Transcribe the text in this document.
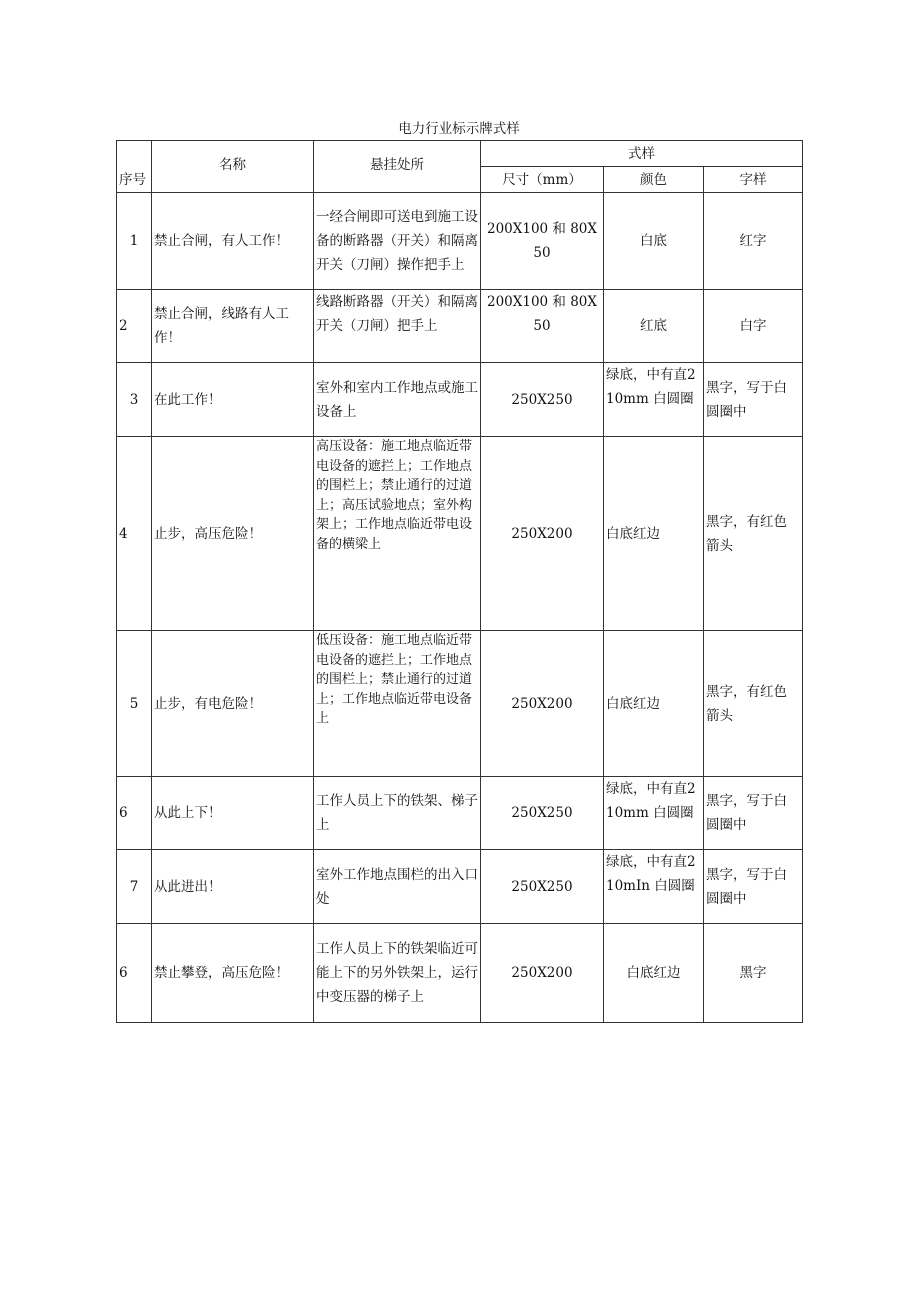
电力行业标示牌式样
序号	名称	悬挂处所	式样		
			尺寸（mm）	颜色	字样
1	禁止合闸，有人工作！	一经合闸即可送电到施工设备的断路器（开关）和隔离开关（刀闸）操作把手上	200X100 和 80X50	白底	红字
2	禁止合闸，线路有人工作！	线路断路器（开关）和隔离开关（刀闸）把手上	200X100 和 80X50	红底	白字
3	在此工作！	室外和室内工作地点或施工设备上	250X250	绿底，中有直210mm 白圆圈	黑字，写于白圆圈中
4	止步，高压危险！	高压设备：施工地点临近带电设备的遮拦上；工作地点的围栏上；禁止通行的过道上；高压试验地点；室外构架上；工作地点临近带电设备的横梁上	250X200	白底红边	黑字，有红色箭头
5	止步，有电危险！	低压设备：施工地点临近带电设备的遮拦上；工作地点的围栏上；禁止通行的过道上；工作地点临近带电设备上	250X200	白底红边	黑字，有红色箭头
6	从此上下！	工作人员上下的铁架、梯子上	250X250	绿底，中有直210mm 白圆圈	黑字，写于白圆圈中
7	从此进出！	室外工作地点围栏的出入口处	250X250	绿底，中有直210mIn 白圆圈	黑字，写于白圆圈中
6	禁止攀登，高压危险！	工作人员上下的铁架临近可能上下的另外铁架上，运行中变压器的梯子上	250X200	白底红边	黑字
